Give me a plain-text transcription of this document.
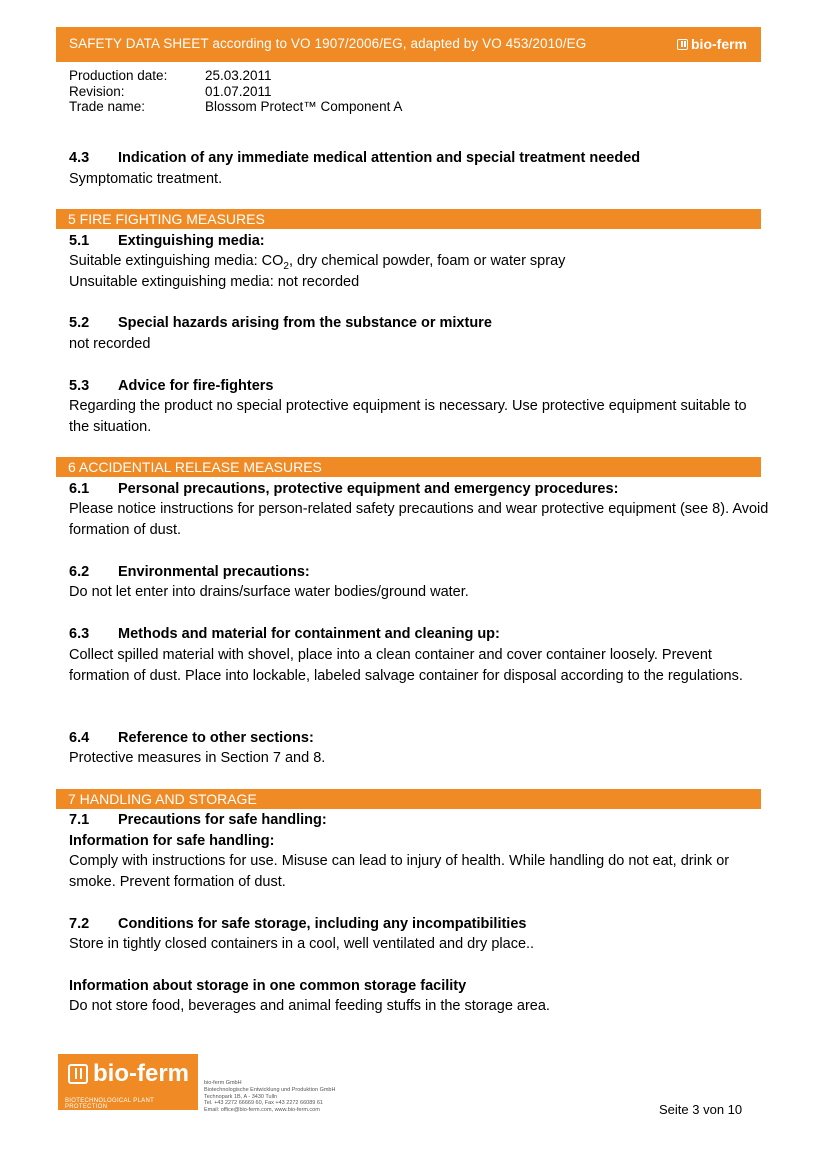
SAFETY DATA SHEET according to VO 1907/2006/EG, adapted by VO 453/2010/EG	bio-ferm
Production date:	25.03.2011
Revision:	01.07.2011
Trade name:	Blossom Protect™ Component A
4.3 Indication of any immediate medical attention and special treatment needed
Symptomatic treatment.
5 FIRE FIGHTING MEASURES
5.1 Extinguishing media:
Suitable extinguishing media: $CO_2$, dry chemical powder, foam or water spray
Unsuitable extinguishing media: not recorded
5.2 Special hazards arising from the substance or mixture
not recorded
5.3 Advice for fire-fighters
Regarding the product no special protective equipment is necessary. Use protective equipment suitable to the situation.
6 ACCIDENTIAL RELEASE MEASURES
6.1 Personal precautions, protective equipment and emergency procedures:
Please notice instructions for person-related safety precautions and wear protective equipment (see 8). Avoid formation of dust.
6.2 Environmental precautions:
Do not let enter into drains/surface water bodies/ground water.
6.3 Methods and material for containment and cleaning up:
Collect spilled material with shovel, place into a clean container and cover container loosely. Prevent formation of dust. Place into lockable, labeled salvage container for disposal according to the regulations.
6.4 Reference to other sections:
Protective measures in Section 7 and 8.
7 HANDLING AND STORAGE
7.1 Precautions for safe handling:
Information for safe handling:
Comply with instructions for use. Misuse can lead to injury of health. While handling do not eat, drink or smoke. Prevent formation of dust.
7.2 Conditions for safe storage, including any incompatibilities
Store in tightly closed containers in a cool, well ventilated and dry place..
Information about storage in one common storage facility
Do not store food, beverages and animal feeding stuffs in the storage area.
bio-ferm
BIOTECHNOLOGICAL PLANT PROTECTION
bio-ferm GmbH
Biotechnologische Entwicklung und Produktion GmbH
Technopark 1B, A - 3430 Tulln
Tel. +43 2272 66669 60, Fax +43 2272 66089 61
Email: office@bio-ferm.com, www.bio-ferm.com	Seite 3 von 10
